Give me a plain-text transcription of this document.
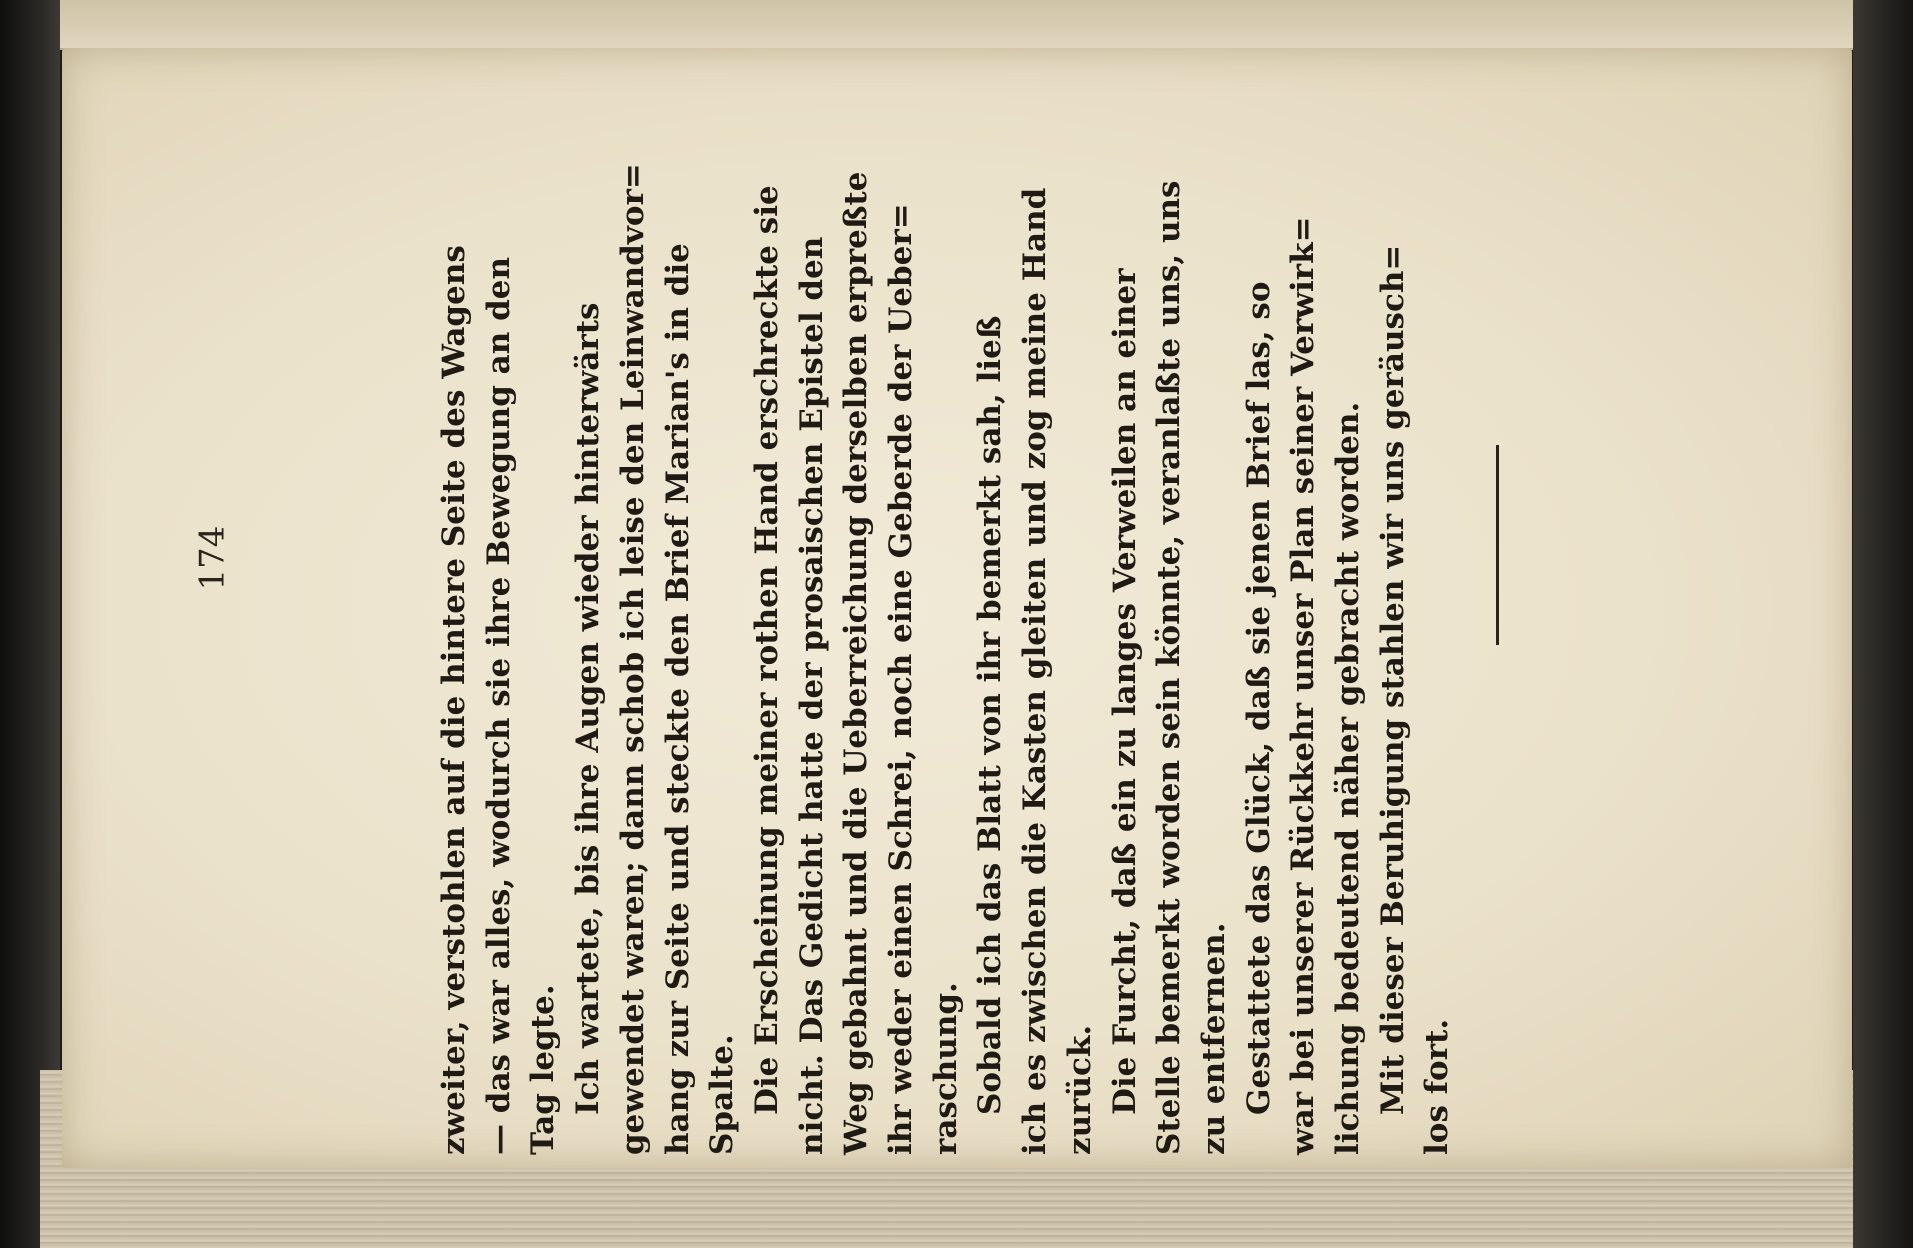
174	zweiter, verstohlen auf die hintere Seite des Wagens — das war alles, wodurch sie ihre Bewegung an den Tag legte. Ich wartete, bis ihre Augen wieder hinterwärts gewendet waren; dann schob ich leise den Leinwandvor= hang zur Seite und steckte den Brief Marian's in die Spalte. Die Erscheinung meiner rothen Hand erschreckte sie nicht. Das Gedicht hatte der prosaischen Epistel den Weg gebahnt und die Ueberreichung derselben erpreßte ihr weder einen Schrei, noch eine Geberde der Ueber= raschung. Sobald ich das Blatt von ihr bemerkt sah, ließ ich es zwischen die Kasten gleiten und zog meine Hand zurück. Die Furcht, daß ein zu langes Verweilen an einer Stelle bemerkt worden sein könnte, veranlaßte uns, uns zu entfernen. Gestattete das Glück, daß sie jenen Brief las, so war bei unserer Rückkehr unser Plan seiner Verwirk= lichung bedeutend näher gebracht worden. Mit dieser Beruhigung stahlen wir uns geräusch= los fort.
